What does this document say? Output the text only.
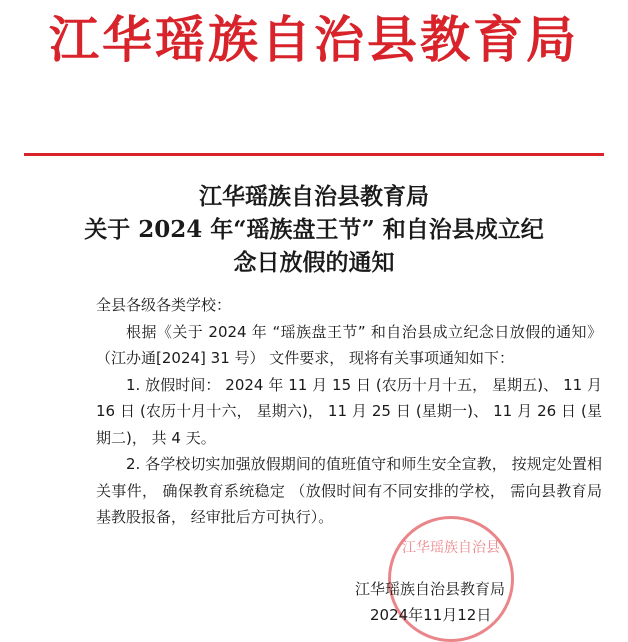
江华瑶族自治县教育局
江华瑶族自治县教育局
关于 2024 年“瑶族盘王节” 和自治县成立纪
念日放假的通知

全县各级各类学校：

根据《关于 2024 年 “瑶族盘王节” 和自治县成立纪念日放假的通知》（江办通[2024] 31 号） 文件要求， 现将有关事项通知如下：

1. 放假时间： 2024 年 11 月 15 日 (农历十月十五， 星期五)、 11 月 16 日 (农历十月十六， 星期六)， 11 月 25 日 (星期一)、 11 月 26 日 (星期二)， 共 4 天。

2. 各学校切实加强放假期间的值班值守和师生安全宣教， 按规定处置相关事件， 确保教育系统稳定 （放假时间有不同安排的学校， 需向县教育局基教股报备， 经审批后方可执行）。

江华瑶族自治县
江华瑶族自治县教育局
2024年11月12日
